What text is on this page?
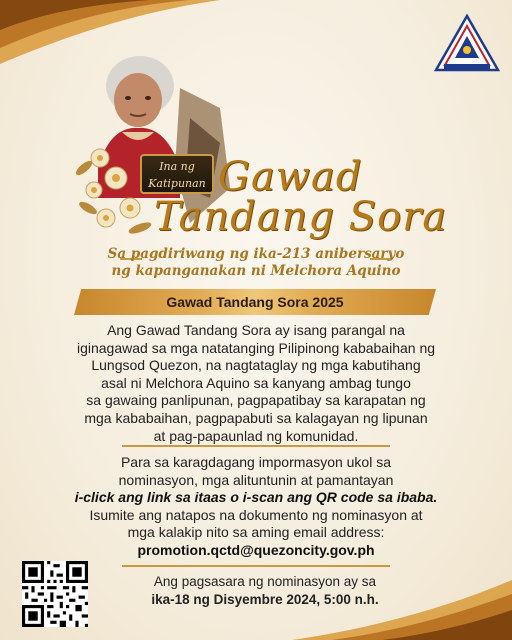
Ina ng
Katipunan Gawad
Tandang Sora
Sa pagdiriwang ng ika-213 anibersaryo
ng kapanganakan ni Melchora Aquino
Gawad Tandang Sora 2025
Ang Gawad Tandang Sora ay isang parangal na
iginagawad sa mga natatanging Pilipinong kababaihan ng
Lungsod Quezon, na nagtataglay ng mga kabutihang
asal ni Melchora Aquino sa kanyang ambag tungo
sa gawaing panlipunan, pagpapatibay sa karapatan ng
mga kababaihan, pagpapabuti sa kalagayan ng lipunan
at pag-papaunlad ng komunidad.
Para sa karagdagang impormasyon ukol sa
nominasyon, mga alituntunin at pamantayan
i-click ang link sa itaas o i-scan ang QR code sa ibaba.
Isumite ang natapos na dokumento ng nominasyon at
mga kalakip nito sa aming email address:
promotion.qctd@quezoncity.gov.ph
Ang pagsasara ng nominasyon ay sa
ika-18 ng Disyembre 2024, 5:00 n.h.
